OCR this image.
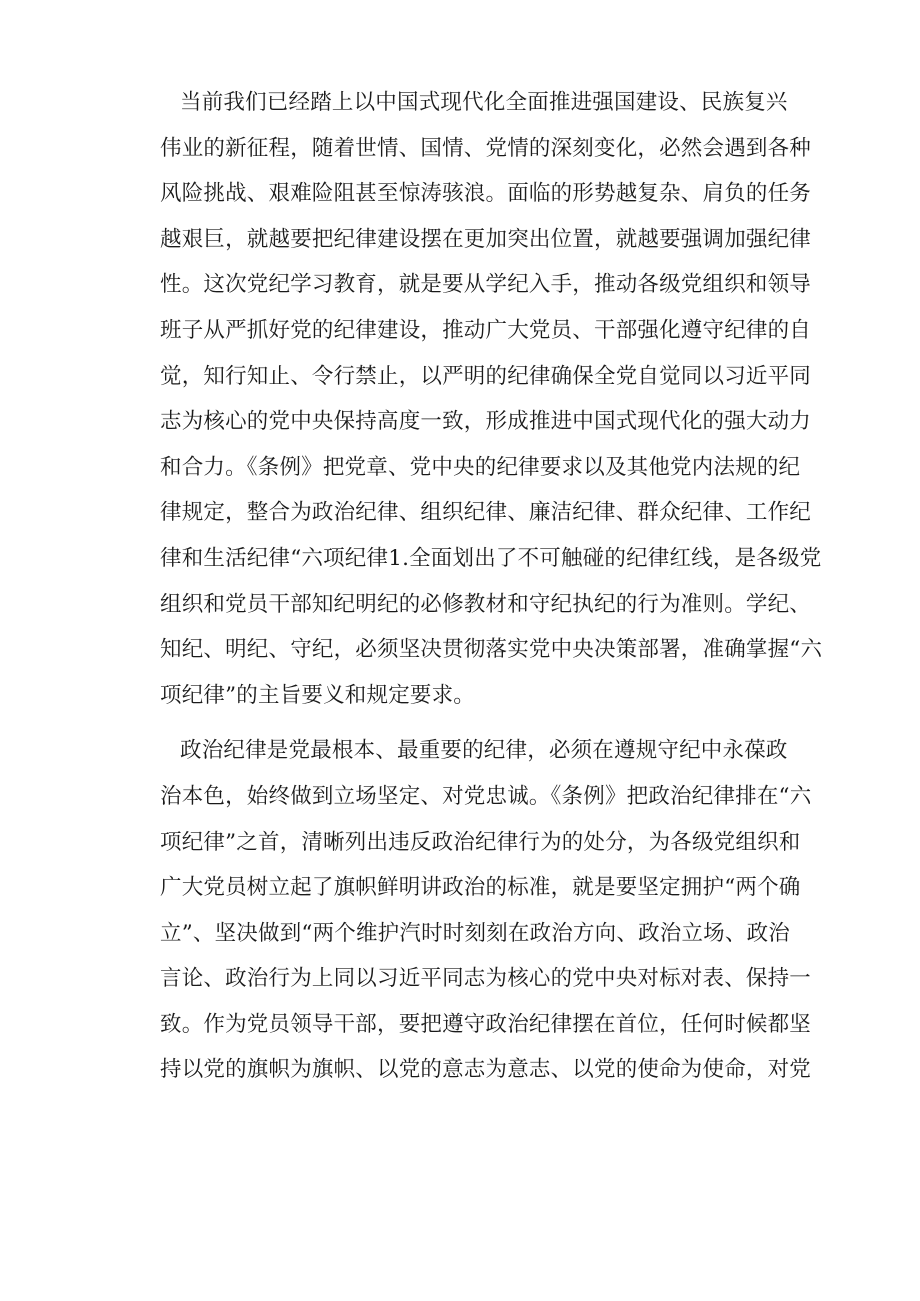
当前我们已经踏上以中国式现代化全面推进强国建设、民族复兴
伟业的新征程，随着世情、国情、党情的深刻变化，必然会遇到各种
风险挑战、艰难险阻甚至惊涛骇浪。面临的形势越复杂、肩负的任务
越艰巨，就越要把纪律建设摆在更加突出位置，就越要强调加强纪律
性。这次党纪学习教育，就是要从学纪入手，推动各级党组织和领导
班子从严抓好党的纪律建设，推动广大党员、干部强化遵守纪律的自
觉，知行知止、令行禁止，以严明的纪律确保全党自觉同以习近平同
志为核心的党中央保持高度一致，形成推进中国式现代化的强大动力
和合力。《条例》把党章、党中央的纪律要求以及其他党内法规的纪
律规定，整合为政治纪律、组织纪律、廉洁纪律、群众纪律、工作纪
律和生活纪律“六项纪律1.全面划出了不可触碰的纪律红线，是各级党
组织和党员干部知纪明纪的必修教材和守纪执纪的行为准则。学纪、
知纪、明纪、守纪，必须坚决贯彻落实党中央决策部署，准确掌握“六
项纪律”的主旨要义和规定要求。
政治纪律是党最根本、最重要的纪律，必须在遵规守纪中永葆政
治本色，始终做到立场坚定、对党忠诚。《条例》把政治纪律排在“六
项纪律”之首，清晰列出违反政治纪律行为的处分，为各级党组织和
广大党员树立起了旗帜鲜明讲政治的标准，就是要坚定拥护“两个确
立”、坚决做到“两个维护汽时时刻刻在政治方向、政治立场、政治
言论、政治行为上同以习近平同志为核心的党中央对标对表、保持一
致。作为党员领导干部，要把遵守政治纪律摆在首位，任何时候都坚
持以党的旗帜为旗帜、以党的意志为意志、以党的使命为使命，对党
